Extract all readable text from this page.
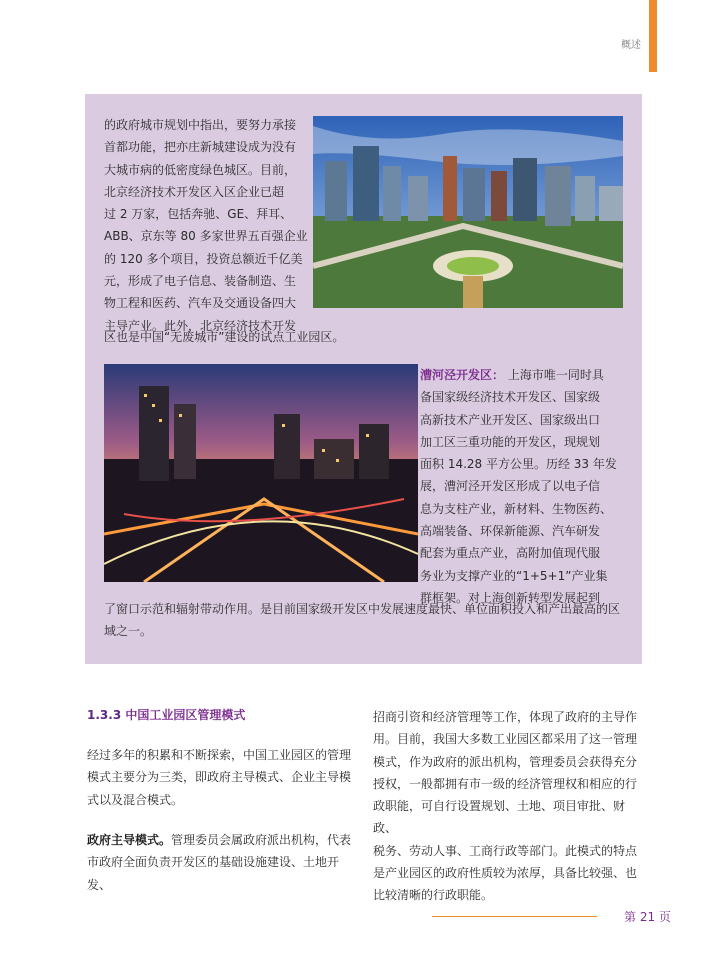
概述

的政府城市规划中指出，要努力承接
首都功能，把亦庄新城建设成为没有
大城市病的低密度绿色城区。目前，
北京经济技术开发区入区企业已超
过 2 万家，包括奔驰、GE、拜耳、
ABB、京东等 80 多家世界五百强企业
的 120 多个项目，投资总额近千亿美
元，形成了电子信息、装备制造、生
物工程和医药、汽车及交通设备四大
主导产业。此外，北京经济技术开发

区也是中国“无废城市”建设的试点工业园区。

漕河泾开发区： 上海市唯一同时具
备国家级经济技术开发区、国家级
高新技术产业开发区、国家级出口
加工区三重功能的开发区，现规划
面积 14.28 平方公里。历经 33 年发
展，漕河泾开发区形成了以电子信
息为支柱产业，新材料、生物医药、
高端装备、环保新能源、汽车研发
配套为重点产业，高附加值现代服
务业为支撑产业的“1+5+1”产业集
群框架。对上海创新转型发展起到

了窗口示范和辐射带动作用。是目前国家级开发区中发展速度最快、单位面积投入和产出最高的区
域之一。

1.3.3 中国工业园区管理模式

经过多年的积累和不断探索，中国工业园区的管理
模式主要分为三类，即政府主导模式、企业主导模
式以及混合模式。

政府主导模式。管理委员会属政府派出机构，代表
市政府全面负责开发区的基础设施建设、土地开发、

招商引资和经济管理等工作，体现了政府的主导作
用。目前，我国大多数工业园区都采用了这一管理
模式，作为政府的派出机构，管理委员会获得充分
授权，一般都拥有市一级的经济管理权和相应的行
政职能，可自行设置规划、土地、项目审批、财政、
税务、劳动人事、工商行政等部门。此模式的特点
是产业园区的政府性质较为浓厚，具备比较强、也
比较清晰的行政职能。

第 21 页
